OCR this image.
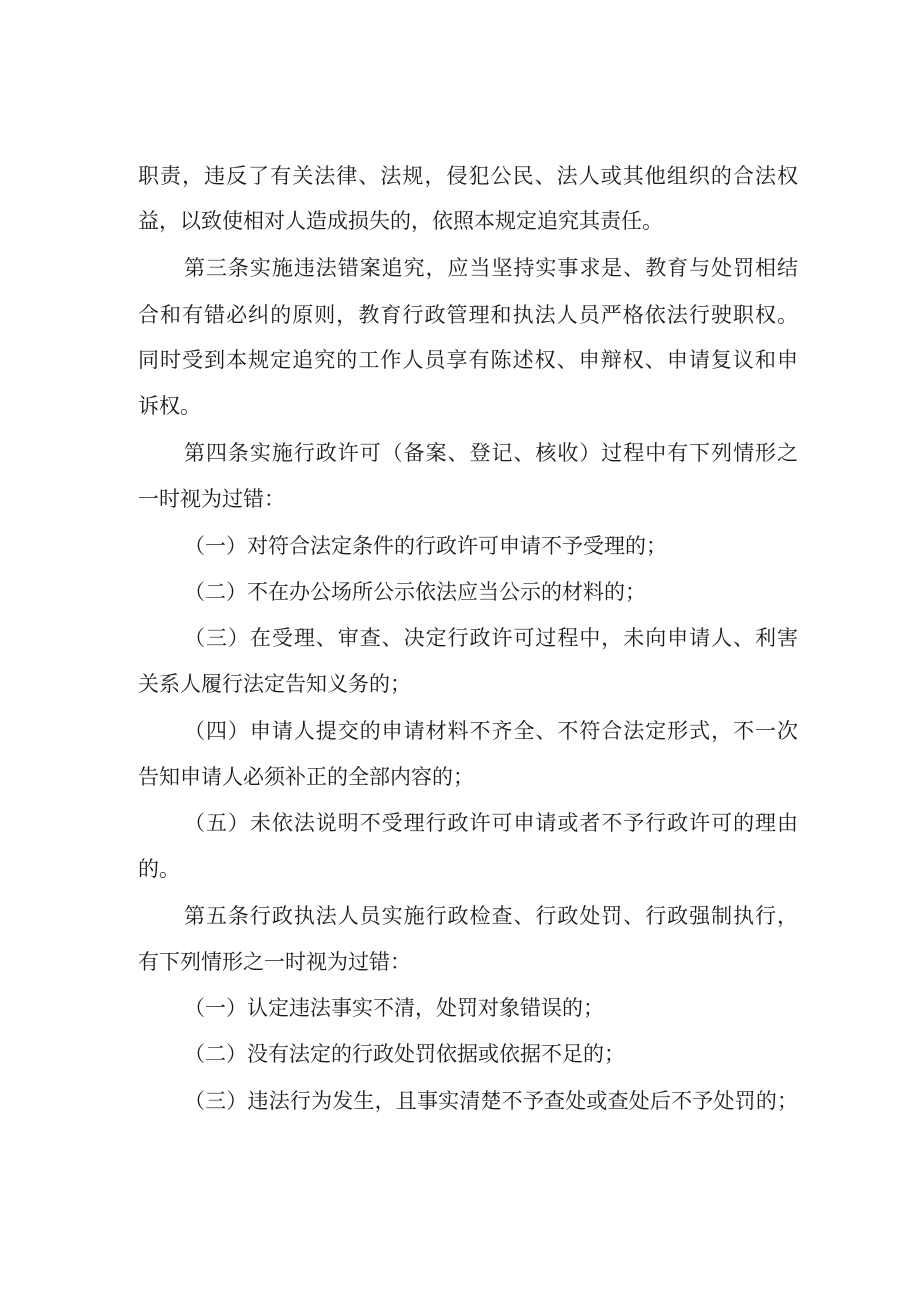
职责，违反了有关法律、法规，侵犯公民、法人或其他组织的合法权
益，以致使相对人造成损失的，依照本规定追究其责任。
第三条实施违法错案追究，应当坚持实事求是、教育与处罚相结
合和有错必纠的原则，教育行政管理和执法人员严格依法行驶职权。
同时受到本规定追究的工作人员享有陈述权、申辩权、申请复议和申
诉权。
第四条实施行政许可（备案、登记、核收）过程中有下列情形之
一时视为过错：
（一）对符合法定条件的行政许可申请不予受理的；
（二）不在办公场所公示依法应当公示的材料的；
（三）在受理、审查、决定行政许可过程中，未向申请人、利害
关系人履行法定告知义务的；
（四）申请人提交的申请材料不齐全、不符合法定形式，不一次
告知申请人必须补正的全部内容的；
（五）未依法说明不受理行政许可申请或者不予行政许可的理由
的。
第五条行政执法人员实施行政检查、行政处罚、行政强制执行，
有下列情形之一时视为过错：
（一）认定违法事实不清，处罚对象错误的；
（二）没有法定的行政处罚依据或依据不足的；
（三）违法行为发生，且事实清楚不予查处或查处后不予处罚的；
